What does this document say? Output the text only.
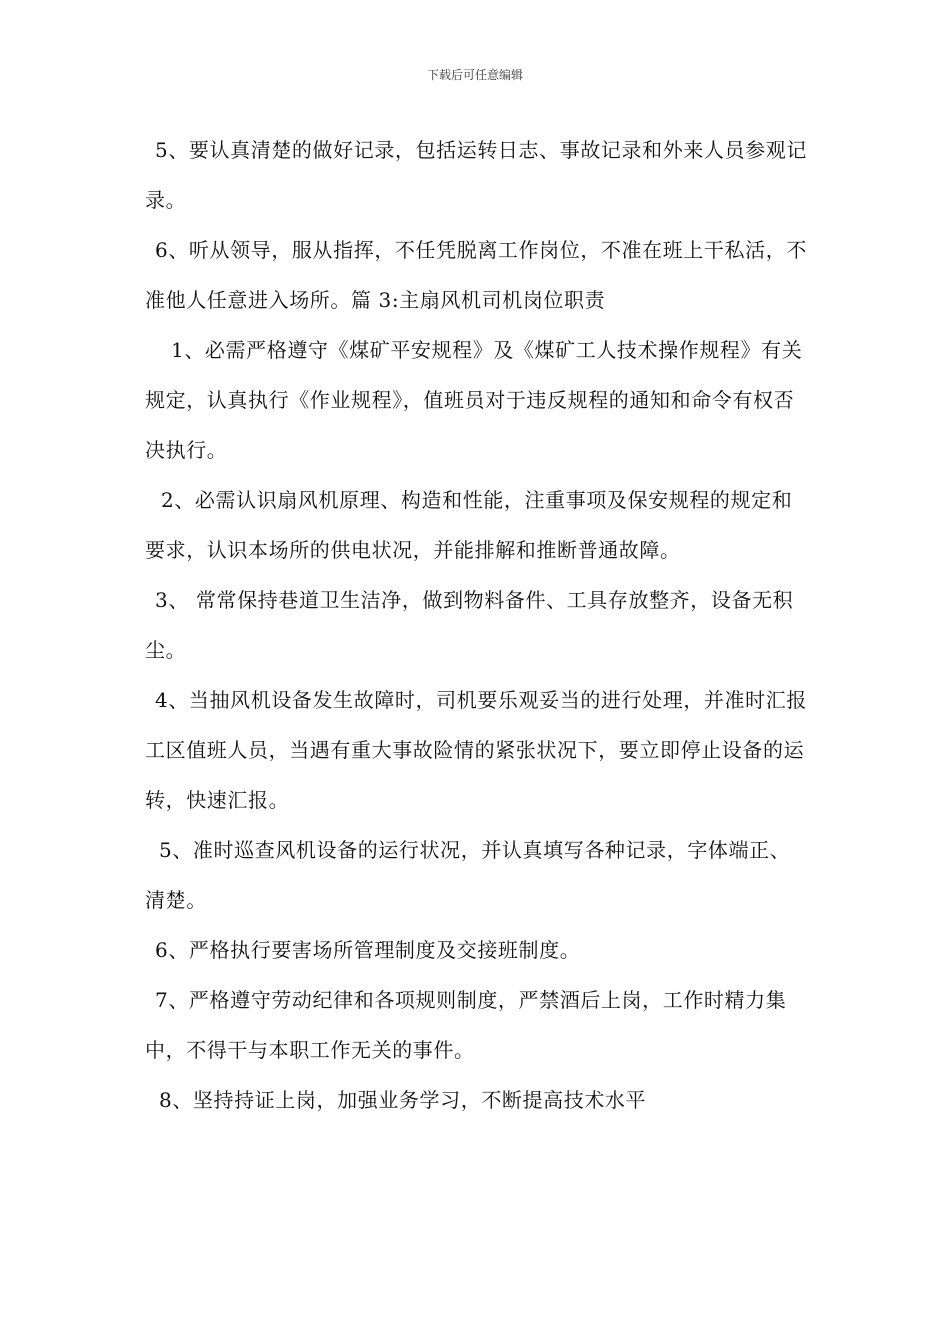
下载后可任意编辑

5、要认真清楚的做好记录，包括运转日志、事故记录和外来人员参观记录。

6、听从领导，服从指挥，不任凭脱离工作岗位，不准在班上干私活，不准他人任意进入场所。篇 3:主扇风机司机岗位职责

1、必需严格遵守《煤矿平安规程》及《煤矿工人技术操作规程》有关规定，认真执行《作业规程》，值班员对于违反规程的通知和命令有权否决执行。

2、必需认识扇风机原理、构造和性能，注重事项及保安规程的规定和要求，认识本场所的供电状况，并能排解和推断普通故障。

3、 常常保持巷道卫生洁净，做到物料备件、工具存放整齐，设备无积尘。

4、当抽风机设备发生故障时，司机要乐观妥当的进行处理，并准时汇报工区值班人员，当遇有重大事故险情的紧张状况下，要立即停止设备的运转，快速汇报。

5、准时巡查风机设备的运行状况，并认真填写各种记录，字体端正、清楚。

6、严格执行要害场所管理制度及交接班制度。

7、严格遵守劳动纪律和各项规则制度，严禁酒后上岗，工作时精力集中，不得干与本职工作无关的事件。

8、坚持持证上岗，加强业务学习，不断提高技术水平
